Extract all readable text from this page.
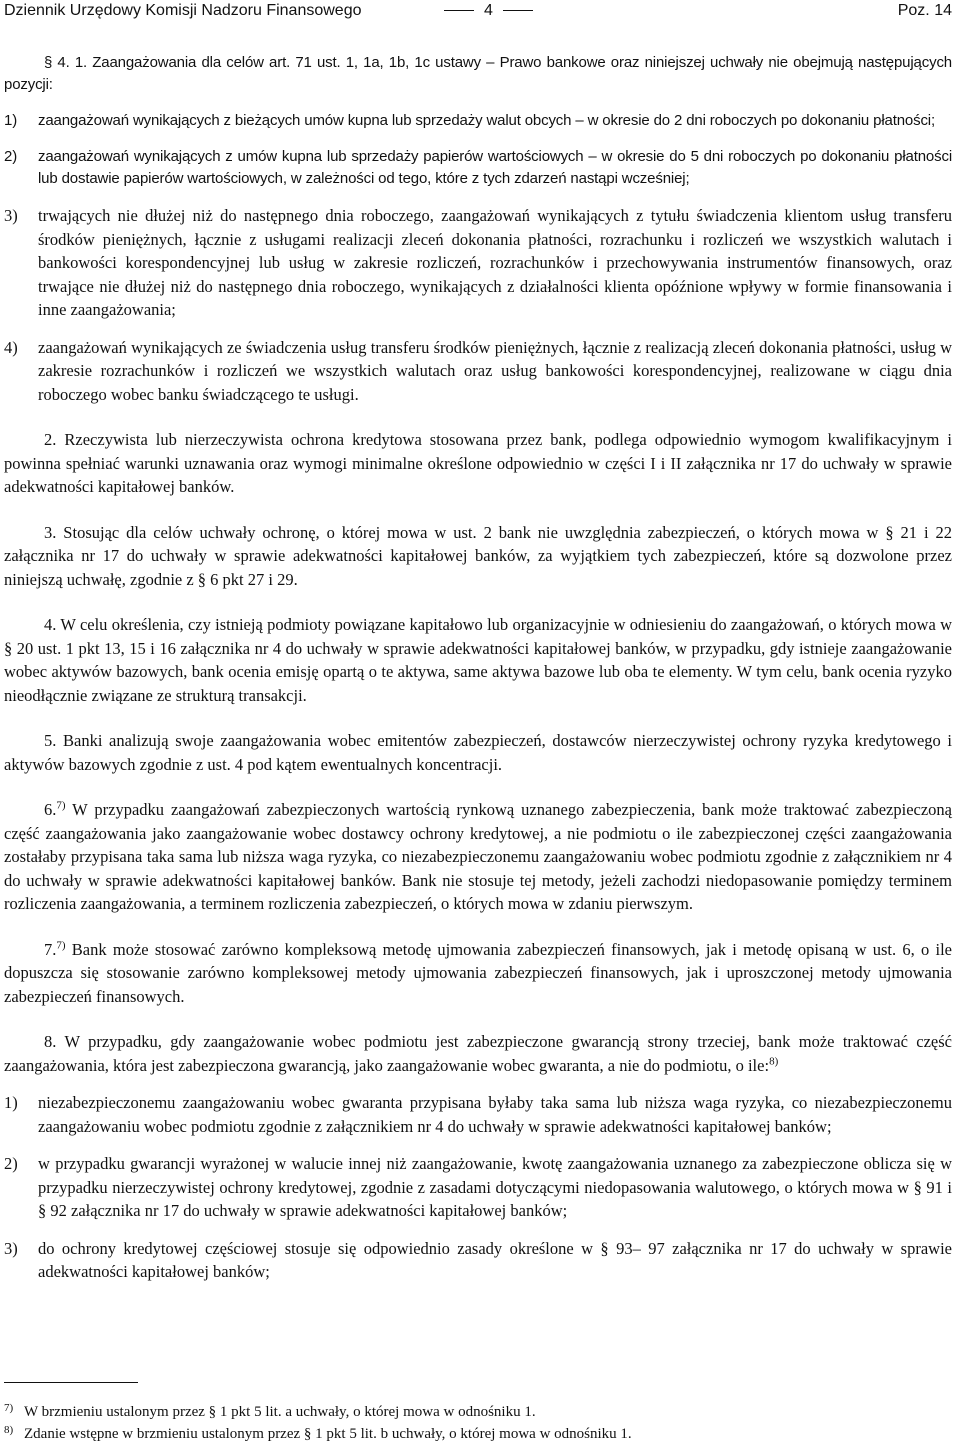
Dziennik Urzędowy Komisji Nadzoru Finansowego	4	Poz. 14

§ 4. 1. Zaangażowania dla celów art. 71 ust. 1, 1a, 1b, 1c ustawy – Prawo bankowe oraz niniejszej uchwały nie obejmują następujących pozycji:

1)	zaangażowań wynikających z bieżących umów kupna lub sprzedaży walut obcych – w okresie do 2 dni roboczych po dokonaniu płatności;
2)	zaangażowań wynikających z umów kupna lub sprzedaży papierów wartościowych – w okresie do 5 dni roboczych po dokonaniu płatności lub dostawie papierów wartościowych, w zależności od tego, które z tych zdarzeń nastąpi wcześniej;
3)	trwających nie dłużej niż do następnego dnia roboczego, zaangażowań wynikających z tytułu świadczenia klientom usług transferu środków pieniężnych, łącznie z usługami realizacji zleceń dokonania płatności, rozrachunku i rozliczeń we wszystkich walutach i bankowości korespondencyjnej lub usług w zakresie rozliczeń, rozrachunków i przechowywania instrumentów finansowych, oraz trwające nie dłużej niż do następnego dnia roboczego, wynikających z działalności klienta opóźnione wpływy w formie finansowania i inne zaangażowania;
4)	zaangażowań wynikających ze świadczenia usług transferu środków pieniężnych, łącznie z realizacją zleceń dokonania płatności, usług w zakresie rozrachunków i rozliczeń we wszystkich walutach oraz usług bankowości korespondencyjnej, realizowane w ciągu dnia roboczego wobec banku świadczącego te usługi.

2. Rzeczywista lub nierzeczywista ochrona kredytowa stosowana przez bank, podlega odpowiednio wymogom kwalifikacyjnym i powinna spełniać warunki uznawania oraz wymogi minimalne określone odpowiednio w części I i II załącznika nr 17 do uchwały w sprawie adekwatności kapitałowej banków.

3. Stosując dla celów uchwały ochronę, o której mowa w ust. 2 bank nie uwzględnia zabezpieczeń, o których mowa w § 21 i 22 załącznika nr 17 do uchwały w sprawie adekwatności kapitałowej banków, za wyjątkiem tych zabezpieczeń, które są dozwolone przez niniejszą uchwałę, zgodnie z § 6 pkt 27 i 29.

4. W celu określenia, czy istnieją podmioty powiązane kapitałowo lub organizacyjnie w odniesieniu do zaangażowań, o których mowa w § 20 ust. 1 pkt 13, 15 i 16 załącznika nr 4 do uchwały w sprawie adekwatności kapitałowej banków, w przypadku, gdy istnieje zaangażowanie wobec aktywów bazowych, bank ocenia emisję opartą o te aktywa, same aktywa bazowe lub oba te elementy. W tym celu, bank ocenia ryzyko nieodłącznie związane ze strukturą transakcji.

5. Banki analizują swoje zaangażowania wobec emitentów zabezpieczeń, dostawców nierzeczywistej ochrony ryzyka kredytowego i aktywów bazowych zgodnie z ust. 4 pod kątem ewentualnych koncentracji.

6.$^{7)}$ W przypadku zaangażowań zabezpieczonych wartością rynkową uznanego zabezpieczenia, bank może traktować zabezpieczoną część zaangażowania jako zaangażowanie wobec dostawcy ochrony kredytowej, a nie podmiotu o ile zabezpieczonej części zaangażowania zostałaby przypisana taka sama lub niższa waga ryzyka, co niezabezpieczonemu zaangażowaniu wobec podmiotu zgodnie z załącznikiem nr 4 do uchwały w sprawie adekwatności kapitałowej banków. Bank nie stosuje tej metody, jeżeli zachodzi niedopasowanie pomiędzy terminem rozliczenia zaangażowania, a terminem rozliczenia zabezpieczeń, o których mowa w zdaniu pierwszym.

7.$^{7)}$ Bank może stosować zarówno kompleksową metodę ujmowania zabezpieczeń finansowych, jak i metodę opisaną w ust. 6, o ile dopuszcza się stosowanie zarówno kompleksowej metody ujmowania zabezpieczeń finansowych, jak i uproszczonej metody ujmowania zabezpieczeń finansowych.

8. W przypadku, gdy zaangażowanie wobec podmiotu jest zabezpieczone gwarancją strony trzeciej, bank może traktować część zaangażowania, która jest zabezpieczona gwarancją, jako zaangażowanie wobec gwaranta, a nie do podmiotu, o ile:$^{8)}$

1)	niezabezpieczonemu zaangażowaniu wobec gwaranta przypisana byłaby taka sama lub niższa waga ryzyka, co niezabezpieczonemu zaangażowaniu wobec podmiotu zgodnie z załącznikiem nr 4 do uchwały w sprawie adekwatności kapitałowej banków;
2)	w przypadku gwarancji wyrażonej w walucie innej niż zaangażowanie, kwotę zaangażowania uznanego za zabezpieczone oblicza się w przypadku nierzeczywistej ochrony kredytowej, zgodnie z zasadami dotyczącymi niedopasowania walutowego, o których mowa w § 91 i § 92 załącznika nr 17 do uchwały w sprawie adekwatności kapitałowej banków;
3)	do ochrony kredytowej częściowej stosuje się odpowiednio zasady określone w § 93– 97 załącznika nr 17 do uchwały w sprawie adekwatności kapitałowej banków;
7) W brzmieniu ustalonym przez § 1 pkt 5 lit. a uchwały, o której mowa w odnośniku 1.
8) Zdanie wstępne w brzmieniu ustalonym przez § 1 pkt 5 lit. b uchwały, o której mowa w odnośniku 1.
